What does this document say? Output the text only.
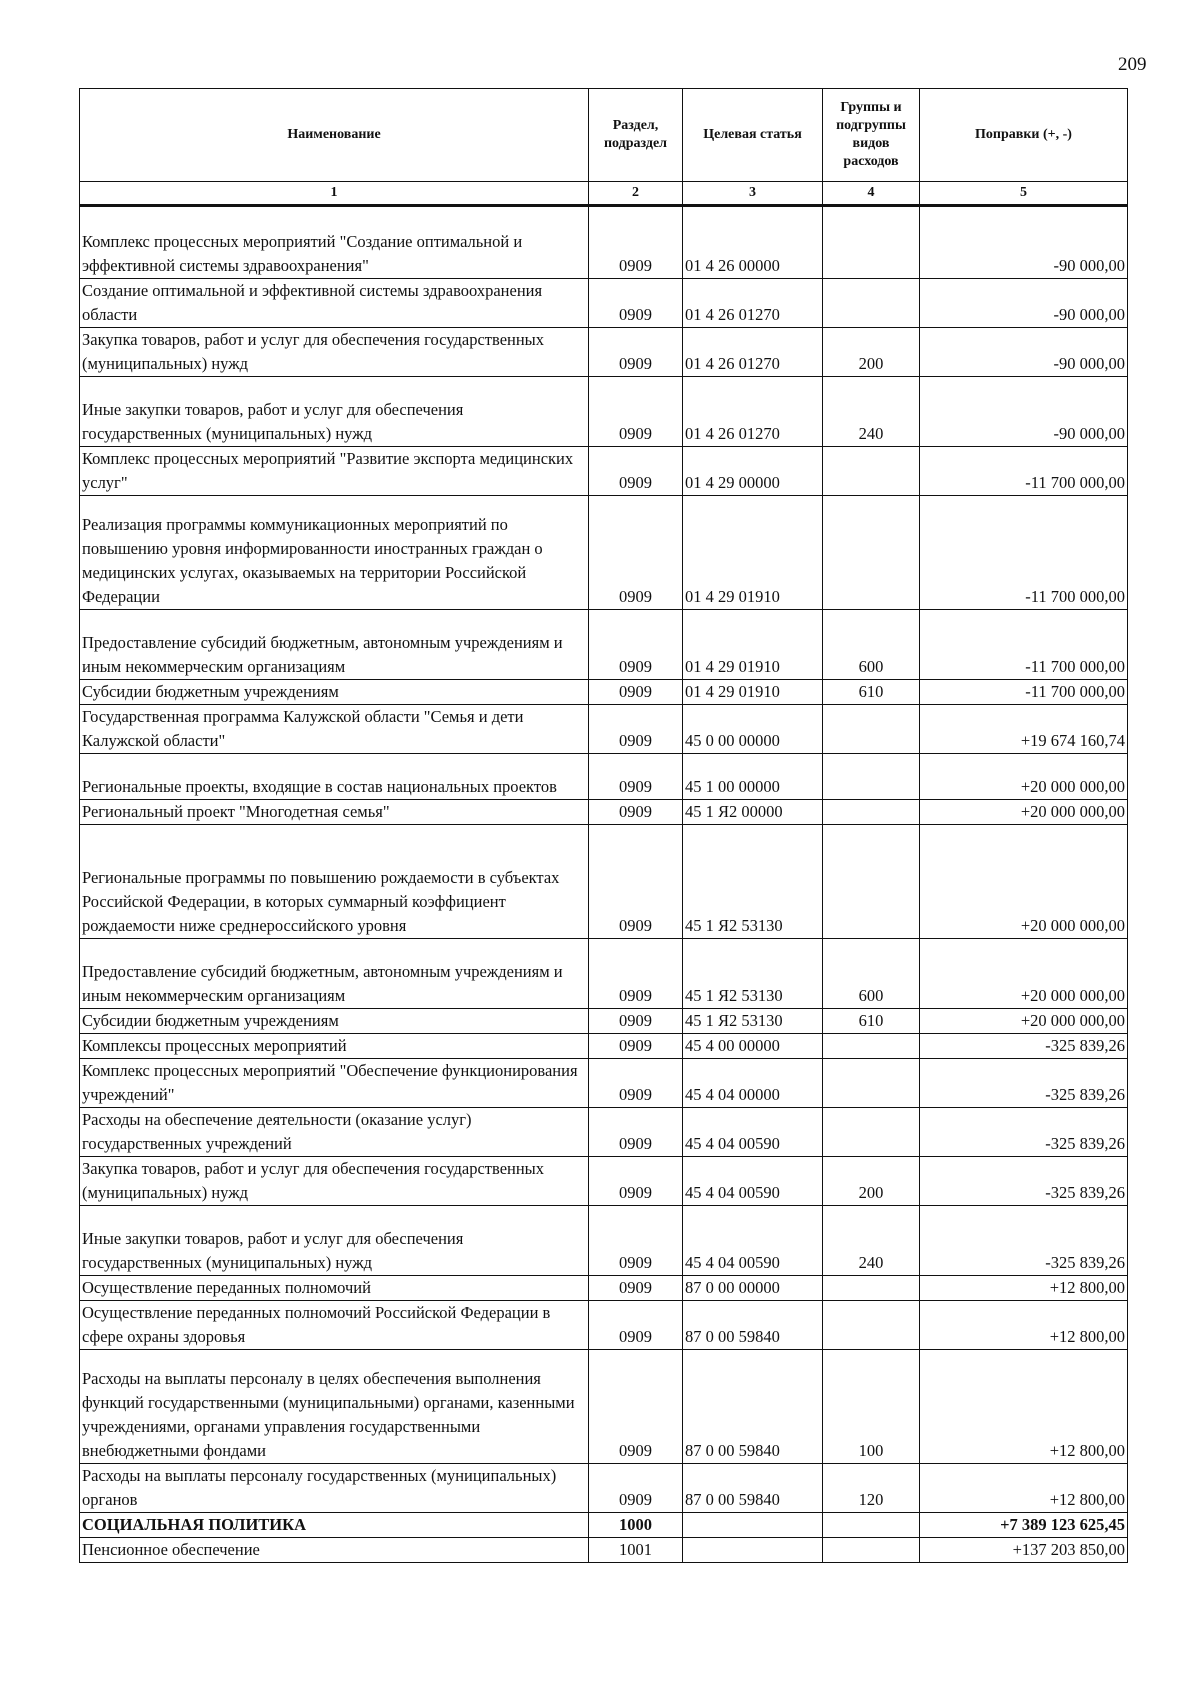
209
Наименование	Раздел, подраздел	Целевая статья	Группы и подгруппы видов расходов	Поправки (+, -)
1	2	3	4	5
Комплекс процессных мероприятий "Создание оптимальной и эффективной системы здравоохранения"	0909	01 4 26 00000		-90 000,00
Создание оптимальной и эффективной системы здравоохранения области	0909	01 4 26 01270		-90 000,00
Закупка товаров, работ и услуг для обеспечения государственных (муниципальных) нужд	0909	01 4 26 01270	200	-90 000,00
Иные закупки товаров, работ и услуг для обеспечения государственных (муниципальных) нужд	0909	01 4 26 01270	240	-90 000,00
Комплекс процессных мероприятий "Развитие экспорта медицинских услуг"	0909	01 4 29 00000		-11 700 000,00
Реализация программы коммуникационных мероприятий по повышению уровня информированности иностранных граждан о медицинских услугах, оказываемых на территории Российской Федерации	0909	01 4 29 01910		-11 700 000,00
Предоставление субсидий бюджетным, автономным учреждениям и иным некоммерческим организациям	0909	01 4 29 01910	600	-11 700 000,00
Субсидии бюджетным учреждениям	0909	01 4 29 01910	610	-11 700 000,00
Государственная программа Калужской области "Семья и дети Калужской области"	0909	45 0 00 00000		+19 674 160,74
Региональные проекты, входящие в состав национальных проектов	0909	45 1 00 00000		+20 000 000,00
Региональный проект "Многодетная семья"	0909	45 1 Я2 00000		+20 000 000,00
Региональные программы по повышению рождаемости в субъектах Российской Федерации, в которых суммарный коэффициент рождаемости ниже среднероссийского уровня	0909	45 1 Я2 53130		+20 000 000,00
Предоставление субсидий бюджетным, автономным учреждениям и иным некоммерческим организациям	0909	45 1 Я2 53130	600	+20 000 000,00
Субсидии бюджетным учреждениям	0909	45 1 Я2 53130	610	+20 000 000,00
Комплексы процессных мероприятий	0909	45 4 00 00000		-325 839,26
Комплекс процессных мероприятий "Обеспечение функционирования учреждений"	0909	45 4 04 00000		-325 839,26
Расходы на обеспечение деятельности (оказание услуг) государственных учреждений	0909	45 4 04 00590		-325 839,26
Закупка товаров, работ и услуг для обеспечения государственных (муниципальных) нужд	0909	45 4 04 00590	200	-325 839,26
Иные закупки товаров, работ и услуг для обеспечения государственных (муниципальных) нужд	0909	45 4 04 00590	240	-325 839,26
Осуществление переданных полномочий	0909	87 0 00 00000		+12 800,00
Осуществление переданных полномочий Российской Федерации в сфере охраны здоровья	0909	87 0 00 59840		+12 800,00
Расходы на выплаты персоналу в целях обеспечения выполнения функций государственными (муниципальными) органами, казенными учреждениями, органами управления государственными внебюджетными фондами	0909	87 0 00 59840	100	+12 800,00
Расходы на выплаты персоналу государственных (муниципальных) органов	0909	87 0 00 59840	120	+12 800,00
СОЦИАЛЬНАЯ ПОЛИТИКА	1000			+7 389 123 625,45
Пенсионное обеспечение	1001			+137 203 850,00
